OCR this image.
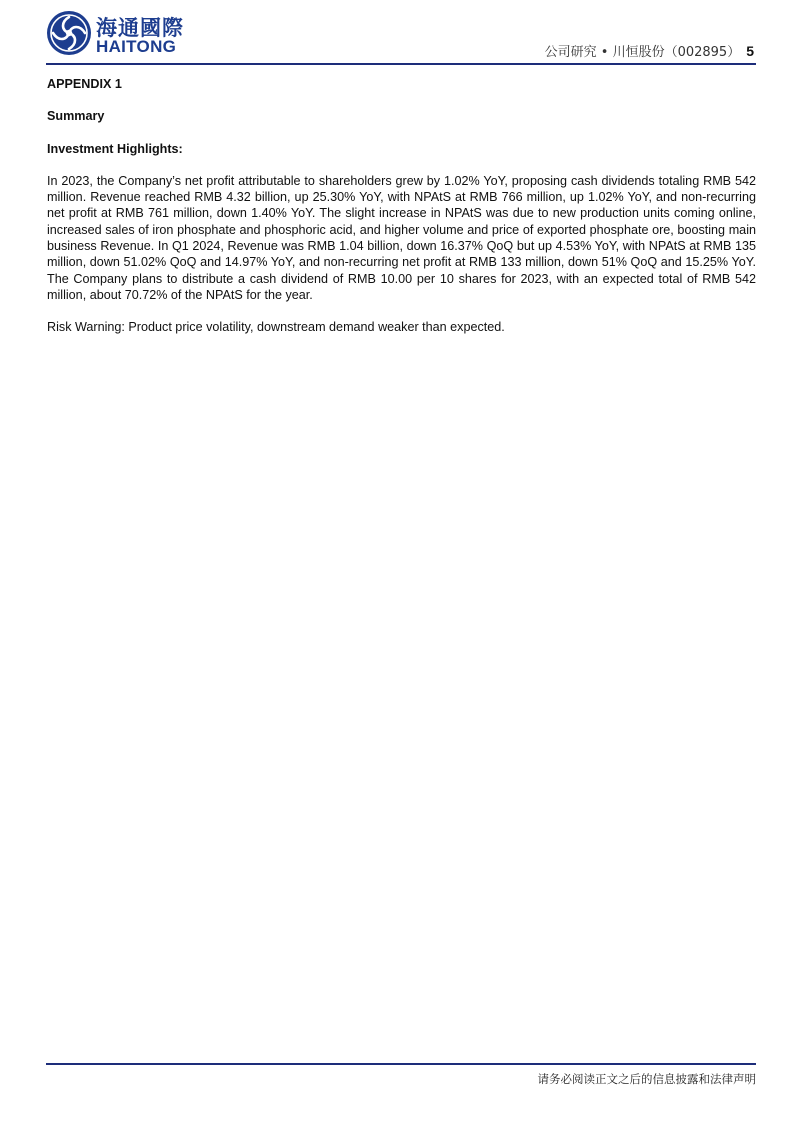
海通國際
HAITONG	公司研究 • 川恒股份（002895） 5

APPENDIX 1

Summary

Investment Highlights:

In 2023, the Company’s net profit attributable to shareholders grew by 1.02% YoY, proposing cash dividends totaling RMB 542 million. Revenue reached RMB 4.32 billion, up 25.30% YoY, with NPAtS at RMB 766 million, up 1.02% YoY, and non-recurring net profit at RMB 761 million, down 1.40% YoY. The slight increase in NPAtS was due to new production units coming online, increased sales of iron phosphate and phosphoric acid, and higher volume and price of exported phosphate ore, boosting main business Revenue. In Q1 2024, Revenue was RMB 1.04 billion, down 16.37% QoQ but up 4.53% YoY, with NPAtS at RMB 135 million, down 51.02% QoQ and 14.97% YoY, and non-recurring net profit at RMB 133 million, down 51% QoQ and 15.25% YoY. The Company plans to distribute a cash dividend of RMB 10.00 per 10 shares for 2023, with an expected total of RMB 542 million, about 70.72% of the NPAtS for the year.

Risk Warning: Product price volatility, downstream demand weaker than expected.

请务必阅读正文之后的信息披露和法律声明
